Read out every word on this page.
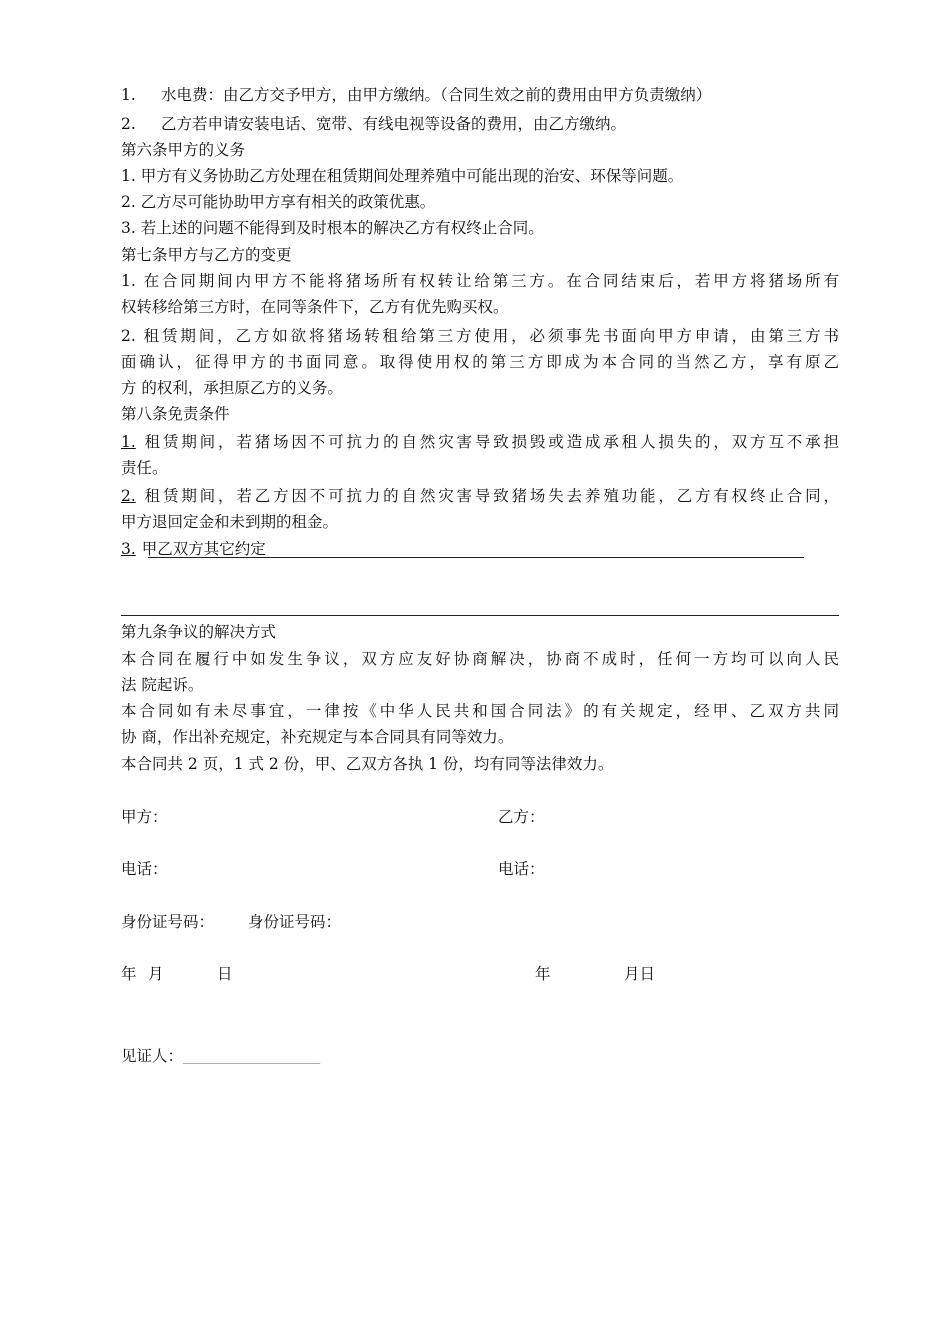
1. 水电费：由乙方交予甲方，由甲方缴纳。（合同生效之前的费用由甲方负责缴纳）
2. 乙方若申请安装电话、宽带、有线电视等设备的费用，由乙方缴纳。
第六条甲方的义务
1. 甲方有义务协助乙方处理在租赁期间处理养殖中可能出现的治安、环保等问题。
2. 乙方尽可能协助甲方享有相关的政策优惠。
3. 若上述的问题不能得到及时根本的解决乙方有权终止合同。
第七条甲方与乙方的变更
1. 在合同期间内甲方不能将猪场所有权转让给第三方。在合同结束后，若甲方将猪场所有
权转移给第三方时，在同等条件下，乙方有优先购买权。
2. 租赁期间，乙方如欲将猪场转租给第三方使用，必须事先书面向甲方申请，由第三方书
面确认，征得甲方的书面同意。取得使用权的第三方即成为本合同的当然乙方，享有原乙
方 的权利，承担原乙方的义务。
第八条免责条件
1. 租赁期间，若猪场因不可抗力的自然灾害导致损毁或造成承租人损失的，双方互不承担
责任。
2. 租赁期间，若乙方因不可抗力的自然灾害导致猪场失去养殖功能，乙方有权终止合同，
甲方退回定金和未到期的租金。
3. 甲乙双方其它约定
第九条争议的解决方式
本合同在履行中如发生争议，双方应友好协商解决，协商不成时，任何一方均可以向人民
法 院起诉。
本合同如有未尽事宜，一律按《中华人民共和国合同法》的有关规定，经甲、乙双方共同
协 商，作出补充规定，补充规定与本合同具有同等效力。
本合同共 2 页，1 式 2 份，甲、乙双方各执 1 份，均有同等法律效力。
甲方：	乙方：
电话：	电话：
身份证号码： 身份证号码：
年 月	日	年	月日
见证人：___________________
